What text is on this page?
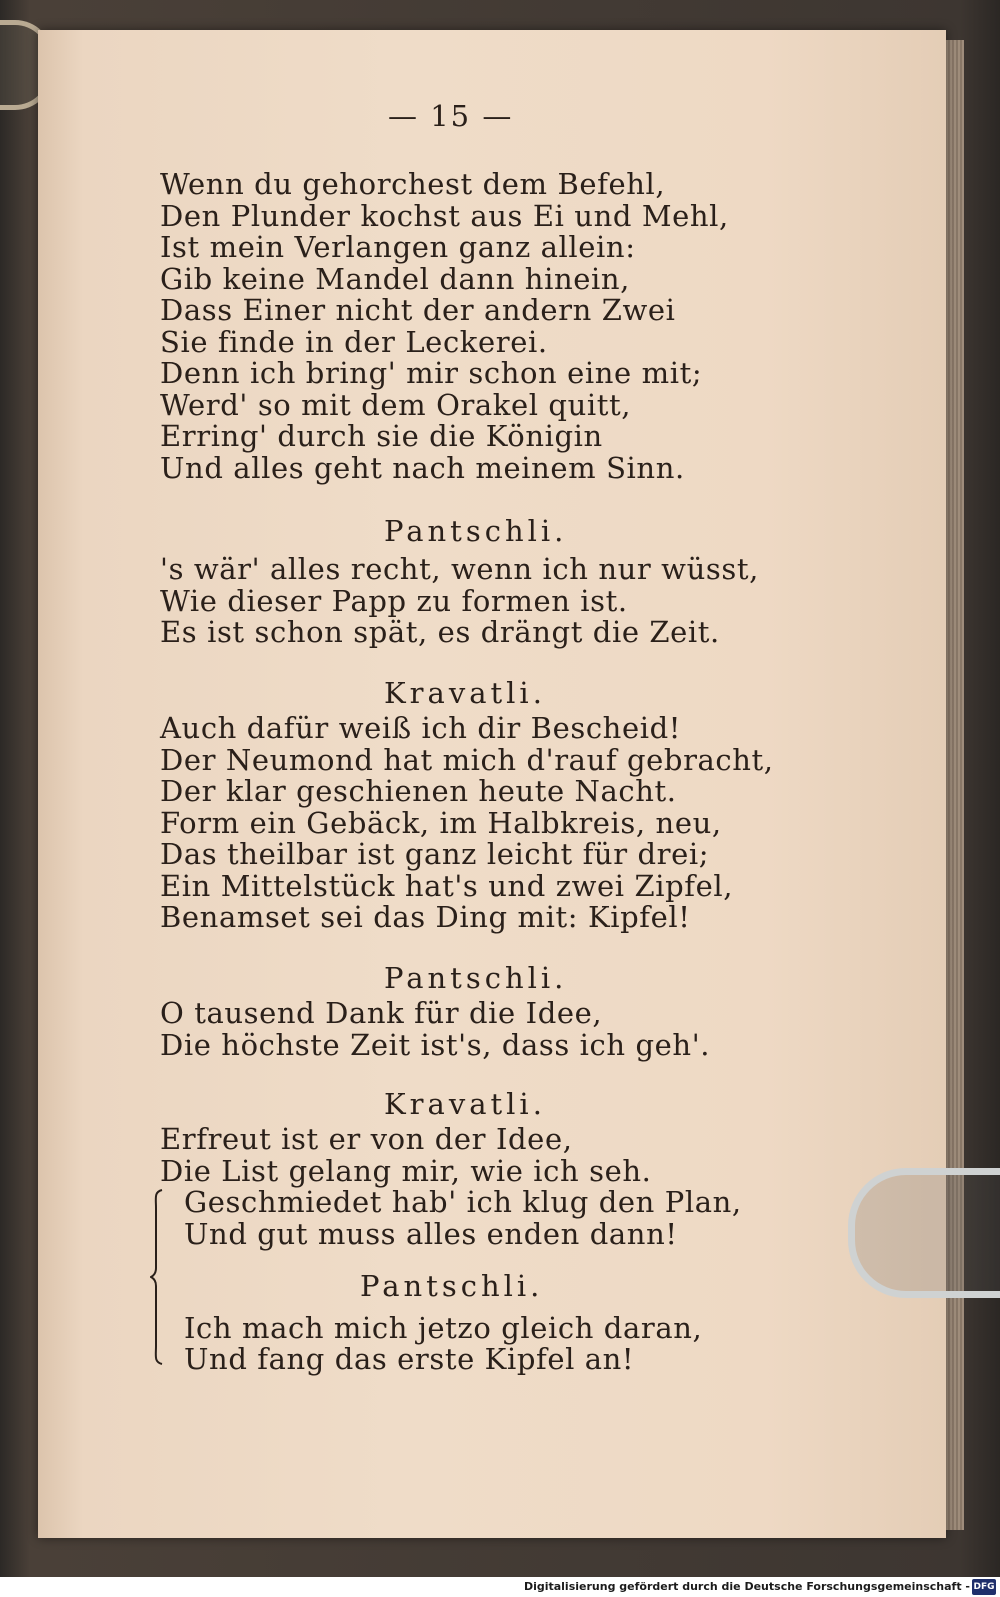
— 15 —
Wenn du gehorchest dem Befehl,
Den Plunder kochst aus Ei und Mehl,
Ist mein Verlangen ganz allein:
Gib keine Mandel dann hinein,
Dass Einer nicht der andern Zwei
Sie finde in der Leckerei.
Denn ich bring' mir schon eine mit;
Werd' so mit dem Orakel quitt,
Erring' durch sie die Königin
Und alles geht nach meinem Sinn.
Pantschli.
's wär' alles recht, wenn ich nur wüsst,
Wie dieser Papp zu formen ist.
Es ist schon spät, es drängt die Zeit.
Kravatli.
Auch dafür weiß ich dir Bescheid!
Der Neumond hat mich d'rauf gebracht,
Der klar geschienen heute Nacht.
Form ein Gebäck, im Halbkreis, neu,
Das theilbar ist ganz leicht für drei;
Ein Mittelstück hat's und zwei Zipfel,
Benamset sei das Ding mit: Kipfel!
Pantschli.
O tausend Dank für die Idee,
Die höchste Zeit ist's, dass ich geh'.
Kravatli.
Erfreut ist er von der Idee,
Die List gelang mir, wie ich seh.
Geschmiedet hab' ich klug den Plan,
Und gut muss alles enden dann!
Pantschli.
Ich mach mich jetzo gleich daran,
Und fang das erste Kipfel an!
Digitalisierung gefördert durch die Deutsche Forschungsgemeinschaft - DFG
